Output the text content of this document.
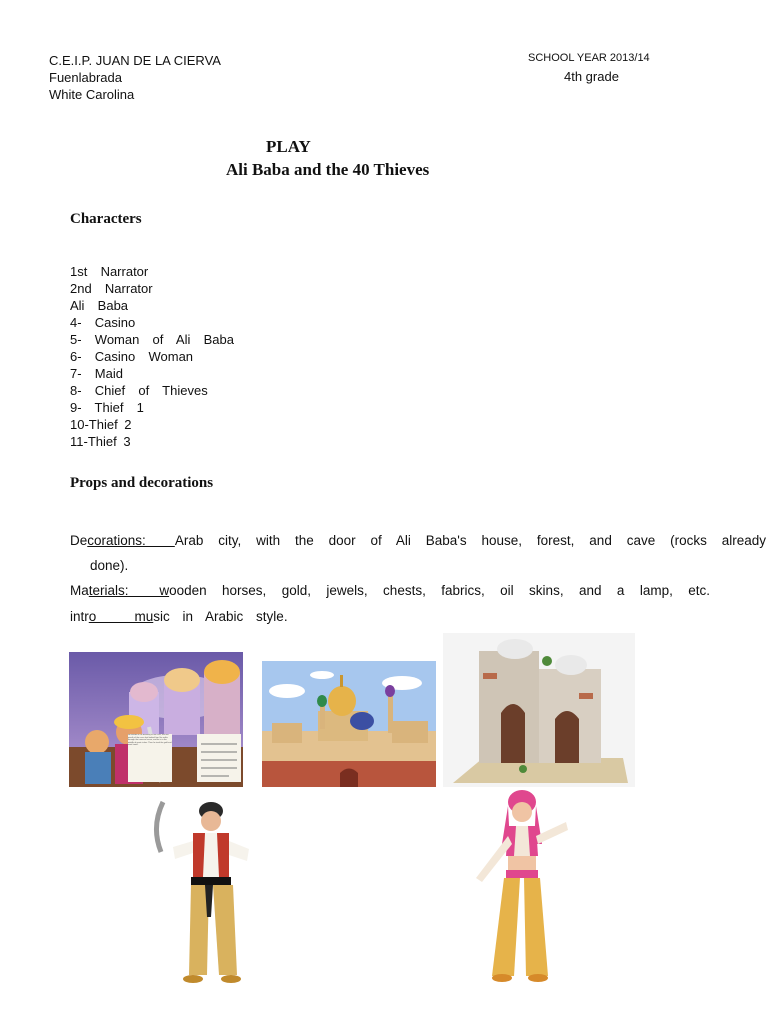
C.E.I.P. JUAN DE LA CIERVA
Fuenlabrada
White Carolina
SCHOOL YEAR 2013/14
4th grade
PLAY
Ali Baba and the 40 Thieves
Characters
1st  Narrator
2nd  Narrator
Ali  Baba
4-  Casino
5-  Woman  of  Ali  Baba
6-  Casino  Woman
7-  Maid
8-  Chief  of  Thieves
9-  Thief  1
10-Thief 2
11-Thief 3
Props and decorations
Decorations:  Arab city, with the door of Ali Baba's house, forest, and cave (rocks already
done).
Materials:  wooden horses, gold, jewels, chests, fabrics, oil skins, and a lamp, etc.
intro   music in Arabic style.
He stands in the doorway of the cave, and the mouth of the cave shut behind him. He walks through the treasure house, and he is in the middle of great riches. Then he took the gold and went home.
